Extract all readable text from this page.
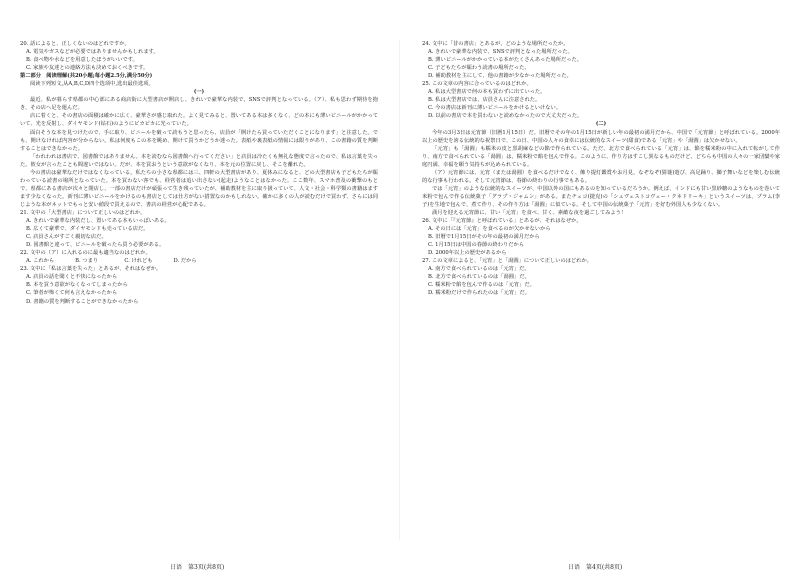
20. 話によると、正しくないのはどれですか。

A. 電気やガスなどが必要ではありませんかもしれます。

B. 食べ物や水などを用意したほうがいいです。

C. 家族や友達との連絡方法も決めておくべきです。

第二部分　阅读理解(共20小题;每小题2.5分,满分50分)

阅读下列短文,从A,B,C,D四个选项中,选出最佳选项。

(一)

最近、私が暮らす県都の中心部にある商店街に大型書店が開店し、きれいで豪華な内装で、SNSで評判となっている。（ア）、私も思わず期待を抱き、その店へ足を運んだ。

店に着くと、その書店の面積は確かに広く、豪華さが感じ取れた。よく見てみると、置いてある本は多くなく、どの本にも薄いビニールがかかっていて、光を反射し、ダイヤモンド(钻石)のようにピカピカに光っていた。

面白そうな本を見つけたので、手に取り、ビニールを破って読もうと思ったら、店員が「開けたら買っていただくことになります」と注意した。でも、開けなければ内容が分からない。私は何度もこの本を眺め、開けて買うかどうか迷った。表紙や裏表紙の情報には限りがあり、この書籍の質を判断することはできなかった。

「われわれは書店で、図書館ではありません。本を読むなら図書館へ行ってください」と店員は冷たくも無礼な態度で言ったので、私は言葉を失った。彼女が言ったことも間違いではない。だが、本を買おうという意欲がなくなり、本を元の位置に戻し、そこを離れた。

今の書店は豪華なだけではなくなっている。私たちの小さな県都には三、四軒の大型書店があり、夏休みになると、どの大型書店も子どもたちが賑わっている読書の場所となっていた。本を買わない客でも、経営者は追い出さない(起走)ようなことはなかった。ここ数年、スマホ普及の衝撃のもとで、県都にある書店が次々と閉店し、一部の書店だけが頑張って生き残っていたが、補助教材を主に取り扱っていて、人文・社会・科学類の書籍はますます少なくなった。新刊に薄いビニールをかけるのも書店としては仕方がない措置なのかもしれない。確かに多くの人が読むだけで買わず、さらには同じような本がネットでもっと安い値段で買えるので、書店の経営が心配である。

21. 文中の「大型書店」について正しいのはどれか。

A. きれいで豪華な内装だし、置いてある本もいっぱいある。

B. 広くて豪華で、ダイヤモンドも売っている店だ。

C. 店員さんがすごく親切な店だ。

D. 図書館と違って、ビニールを破ったら買う必要がある。

22. 文中の（ア）に入れるのに最も適当なのはどれか。

A. これから　　　　B. つまり　　　　　C. けれども　　　　D. だから

23. 文中に「私は言葉を失った」とあるが、それはなぜか。

A. 店員の話を聞くと不快になったから

B. 本を買う意欲がなくなってしまったから

C. 筆者が怖くて何も言えなかったから

D. 書籍の質を判断することができなかったから

24. 文中に「昔の書店」とあるが、どのような場所だったか。

A. きれいで豪華な内装で、SNSで評判となった場所だった。

B. 薄いビニールがかかっている本がたくさんあった場所だった。

C. 子どもたちが賑わう読書の場所だった。

D. 補助教材を主にして、他の書籍が少なかった場所だった。

25. この文章の内容に合っているのはどれか。

A. 私は大型書店で何の本も買わずに出ていった。

B. 私は大型書店では、店員さんに注意された。

C. 今の書店は新刊に薄いビニールをかけるといけない。

D. 以前の書店で本を買わないと読めなかったので大丈夫だった。

(二)

今年の3月3日は元宵節（旧暦1月15日）だ。旧暦でその年の1月15日が新しい年の最初の満月だから、中国で「元宵節」と呼ばれている。2000年以上の歴史を誇る伝統的な祝祭日で、この日、中国の人々の食卓には伝統的なスイーツ(甜食)である「元宵」や「湯圓」は欠かせない。

「元宵」も「湯圓」も糯米の皮と黒胡麻などの餡で作られている。ただ、北方で食べられている「元宵」は、餡を糯米粉の中に入れて転がして作り、南方で食べられている「湯圓」は、糯米粉で餡を包んで作る。このように、作り方はすこし異なるものだけど、どちらも中国の人々の一家団欒や家庭円満、幸福を願う気持ちが込められている。

（ア）元宵節には、元宵（または湯圓）を食べるだけでなく、飾り提灯鑑賞やお月見、なぞなぞ(猜谜)遊び、高足踊り、獅子舞いなどを楽しむ伝統的な行事も行われる。そして元宵節は、春節の終わりの行事でもある。

では「元宵」のような伝統的なスイーツが、中国以外の国にもあるのを知っているだろうか。例えば、インドにも甘い黒砂糖のようなものを巻いて米粉で包んで作る伝統菓子「グラブ・ジャムン」がある。またチェコ(捷克)の「シュヴェストコヴェー・クネドリーキ」というスイーツは、プラム(李子)を生地で包んで、煮て作り、その作り方は「湯圓」に似ている。そして中国の伝統菓子「元宵」を好む外国人も少なくない。

満月を迎える元宵節に、甘い「元宵」を食べ、甘く、素敵な夜を過ごしてみよう！

26. 文中に「『元宵節』と呼ばれている」とあるが、それはなぜか。

A. その日には「元宵」を食べるのが欠かせないから

B. 旧暦で1月15日がその年の最初の満月だから

C. 1月15日は中国の春節の終わりだから

D. 2000年以上の歴史があるから

27. この文章によると、「元宵」と「湯圓」について正しいのはどれか。

A. 南方で食べられているのは「元宵」だ。

B. 北方で食べられているのは「湯圓」だ。

C. 糯米粉で餡を包んで作るのは「元宵」だ。

D. 糯米粉だけで作られたのは「元宵」だ。

日语　第3页(共8页)	日语　第4页(共8页)
